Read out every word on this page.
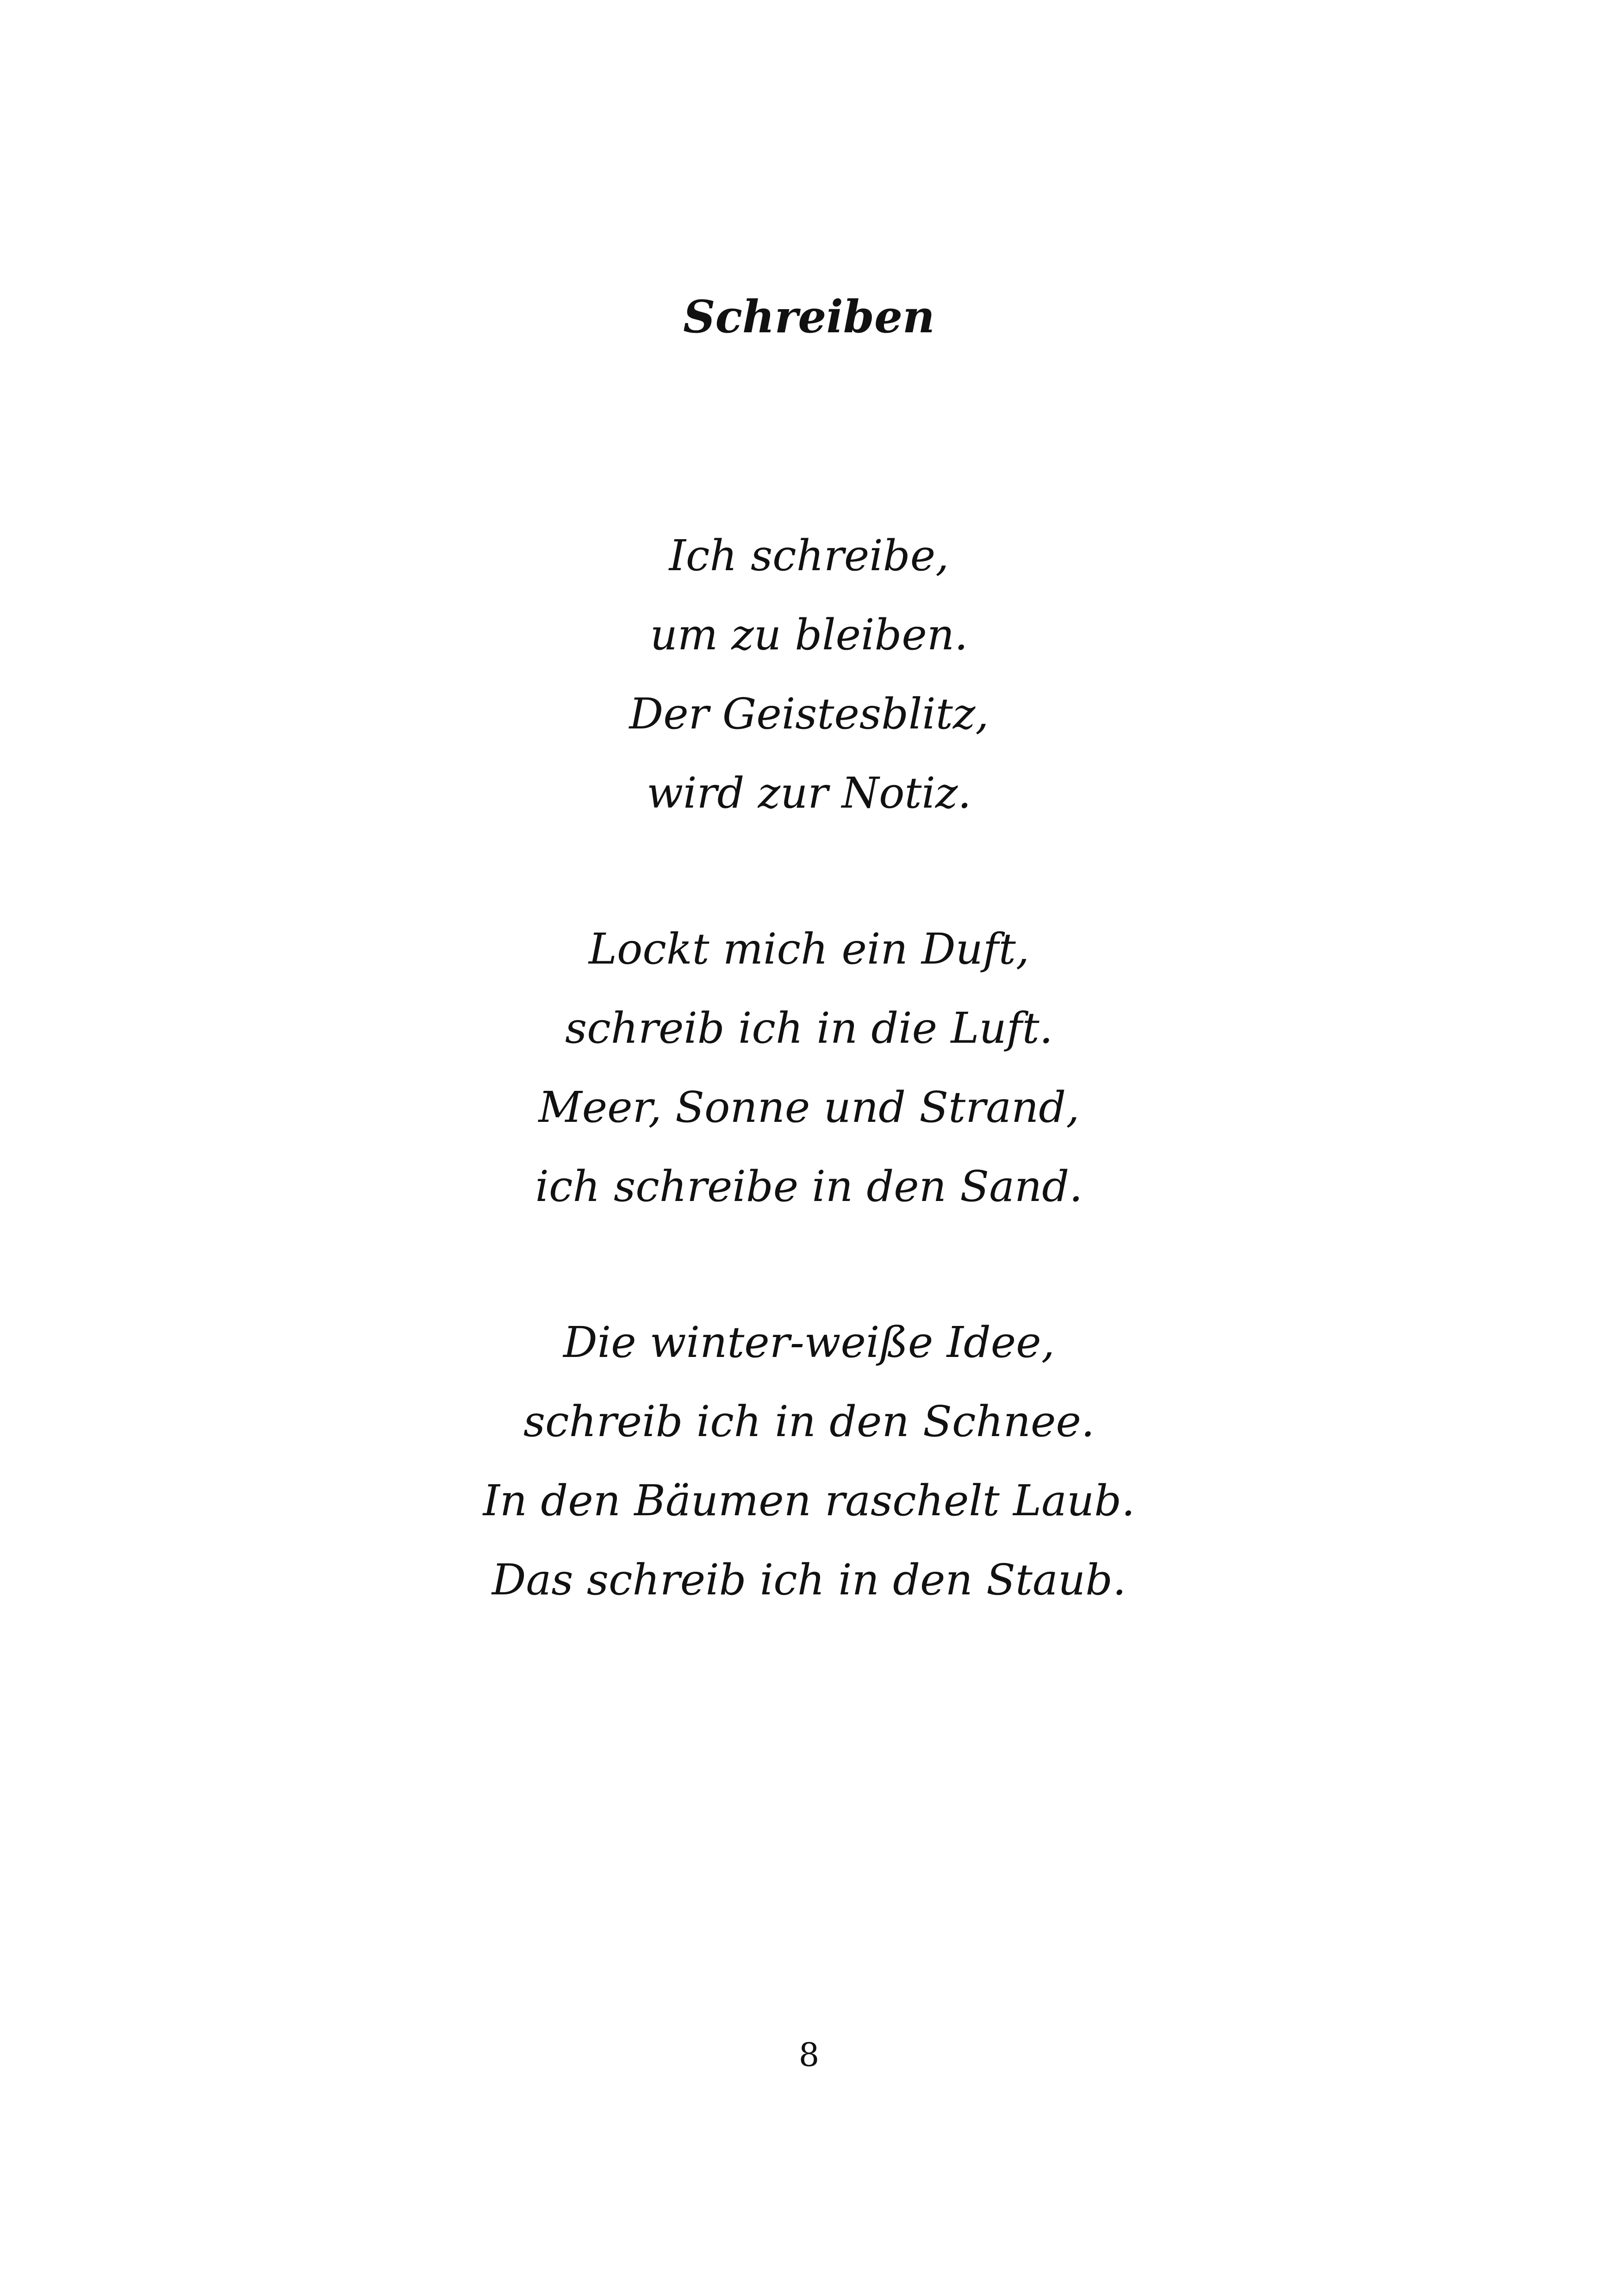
Schreiben
Ich schreibe,
um zu bleiben.
Der Geistesblitz,
wird zur Notiz.
Lockt mich ein Duft,
schreib ich in die Luft.
Meer, Sonne und Strand,
ich schreibe in den Sand.
Die winter-weiße Idee,
schreib ich in den Schnee.
In den Bäumen raschelt Laub.
Das schreib ich in den Staub.
8
